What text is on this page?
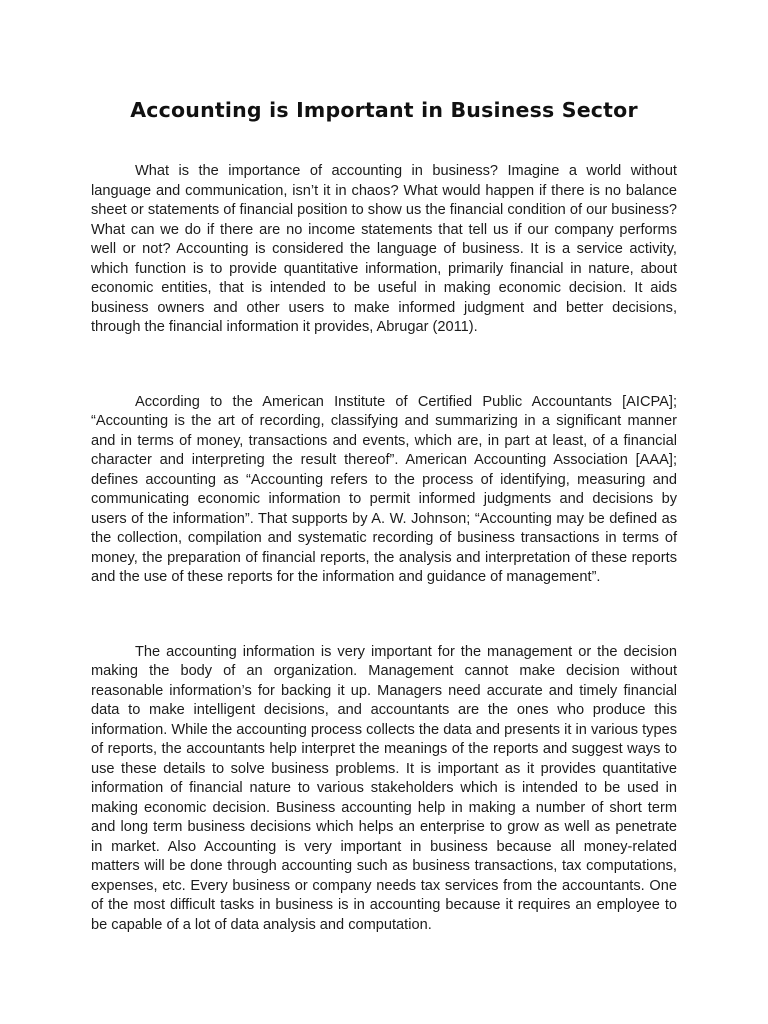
Accounting is Important in Business Sector

What is the importance of accounting in business? Imagine a world without language and communication, isn’t it in chaos? What would happen if there is no balance sheet or statements of financial position to show us the financial condition of our business? What can we do if there are no income statements that tell us if our company performs well or not? Accounting is considered the language of business. It is a service activity, which function is to provide quantitative information, primarily financial in nature, about economic entities, that is intended to be useful in making economic decision. It aids business owners and other users to make informed judgment and better decisions, through the financial information it provides, Abrugar (2011).

According to the American Institute of Certified Public Accountants [AICPA]; “Accounting is the art of recording, classifying and summarizing in a significant manner and in terms of money, transactions and events, which are, in part at least, of a financial character and interpreting the result thereof”. American Accounting Association [AAA]; defines accounting as “Accounting refers to the process of identifying, measuring and communicating economic information to permit informed judgments and decisions by users of the information”. That supports by A. W. Johnson; “Accounting may be defined as the collection, compilation and systematic recording of business transactions in terms of money, the preparation of financial reports, the analysis and interpretation of these reports and the use of these reports for the information and guidance of management”.

The accounting information is very important for the management or the decision making the body of an organization. Management cannot make decision without reasonable information’s for backing it up. Managers need accurate and timely financial data to make intelligent decisions, and accountants are the ones who produce this information. While the accounting process collects the data and presents it in various types of reports, the accountants help interpret the meanings of the reports and suggest ways to use these details to solve business problems. It is important as it provides quantitative information of financial nature to various stakeholders which is intended to be used in making economic decision. Business accounting help in making a number of short term and long term business decisions which helps an enterprise to grow as well as penetrate in market. Also Accounting is very important in business because all money-related matters will be done through accounting such as business transactions, tax computations, expenses, etc. Every business or company needs tax services from the accountants. One of the most difficult tasks in business is in accounting because it requires an employee to be capable of a lot of data analysis and computation.
